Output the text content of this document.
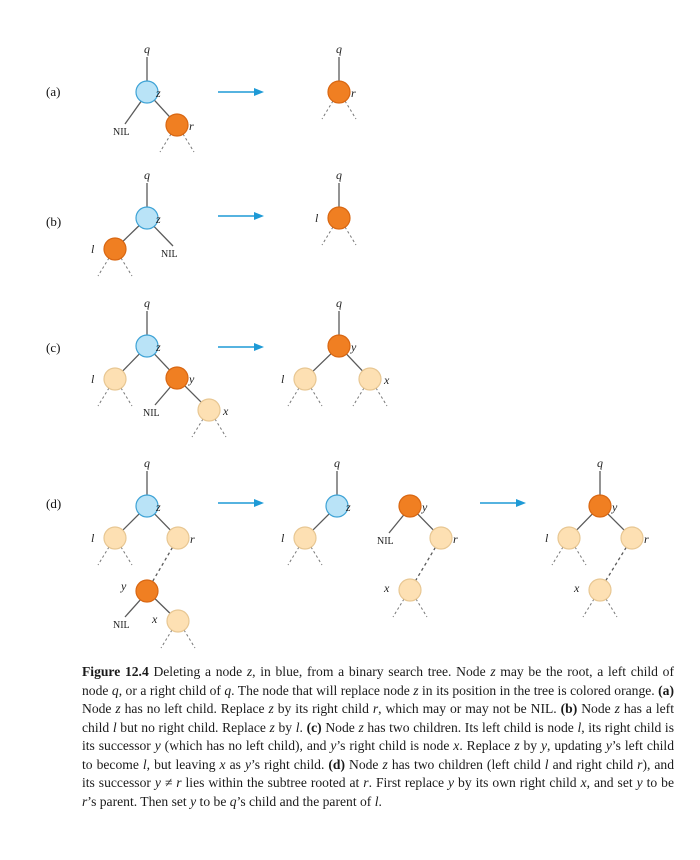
(a)
q
z
NIL	r
q
r
(b)
q
z
l	NIL
q
l
(c)
q
z
l	y
NIL	x
q
y
l	x
(d)
q
z
l	r
y
NIL x
q
z
l
y
NIL	r
x
q
y
l	r
x

Figure 12.4 Deleting a node z, in blue, from a binary search tree. Node z may be the root, a left child of node q, or a right child of q. The node that will replace node z in its position in the tree is colored orange. (a) Node z has no left child. Replace z by its right child r, which may or may not be NIL. (b) Node z has a left child l but no right child. Replace z by l. (c) Node z has two children. Its left child is node l, its right child is its successor y (which has no left child), and y’s right child is node x. Replace z by y, updating y’s left child to become l, but leaving x as y’s right child. (d) Node z has two children (left child l and right child r), and its successor y ≠ r lies within the subtree rooted at r. First replace y by its own right child x, and set y to be r’s parent. Then set y to be q’s child and the parent of l.
